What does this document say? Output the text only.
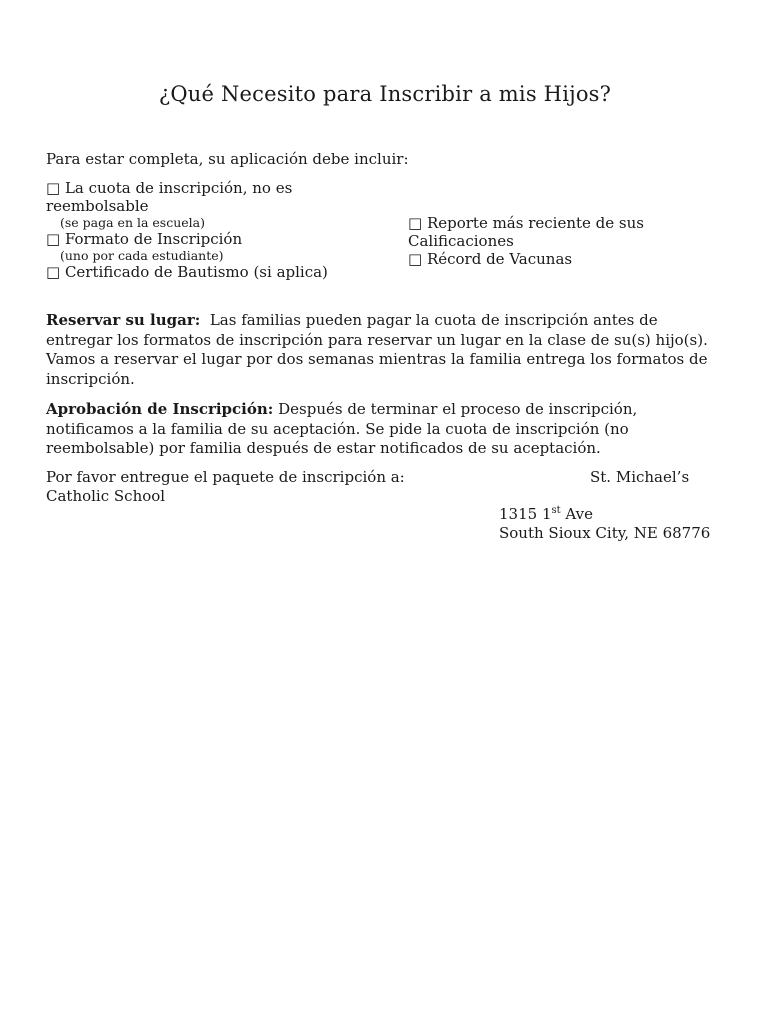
¿Qué Necesito para Inscribir a mis Hijos?
Para estar completa, su aplicación debe incluir:
□ La cuota de inscripción, no es reembolsable
(se paga en la escuela)
□ Formato de Inscripción
(uno por cada estudiante)
□ Certificado de Bautismo (si aplica)
□ Reporte más reciente de sus Calificaciones
□ Récord de Vacunas
Reservar su lugar: Las familias pueden pagar la cuota de inscripción antes de entregar los formatos de inscripción para reservar un lugar en la clase de su(s) hijo(s). Vamos a reservar el lugar por dos semanas mientras la familia entrega los formatos de inscripción.
Aprobación de Inscripción: Después de terminar el proceso de inscripción, notificamos a la familia de su aceptación. Se pide la cuota de inscripción (no reembolsable) por familia después de estar notificados de su aceptación.
Por favor entregue el paquete de inscripción a:	St. Michael’s
Catholic School
1315 1st Ave
South Sioux City, NE 68776
